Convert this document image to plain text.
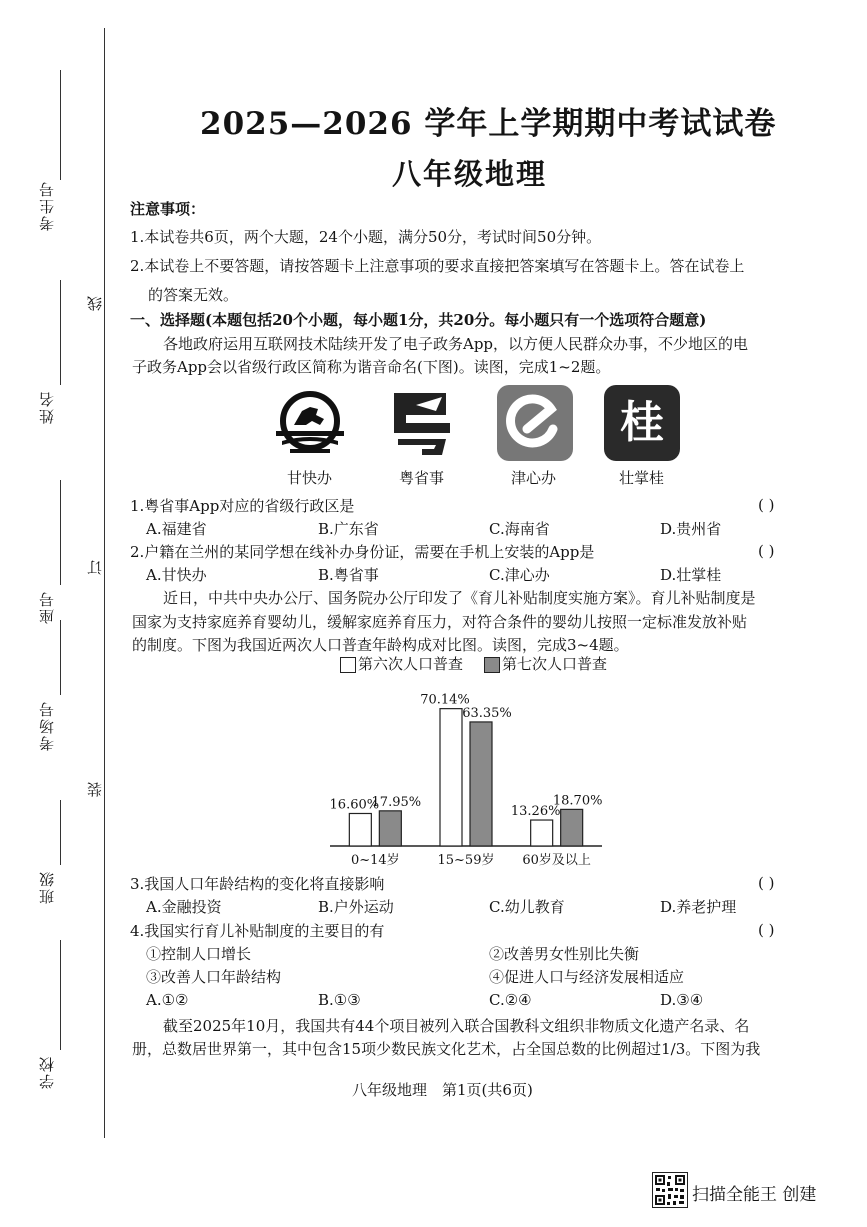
考生号
线
姓名
座号
订
考场号
装
班级
学校
2025—2026 学年上学期期中考试试卷
八年级地理
注意事项：
1.本试卷共6页，两个大题，24个小题，满分50分，考试时间50分钟。
2.本试卷上不要答题，请按答题卡上注意事项的要求直接把答案填写在答题卡上。答在试卷上
的答案无效。
一、选择题(本题包括20个小题，每小题1分，共20分。每小题只有一个选项符合题意)
各地政府运用互联网技术陆续开发了电子政务App，以方便人民群众办事，不少地区的电
子政务App会以省级行政区简称为谐音命名(下图)。读图，完成1~2题。
桂
甘快办	粤省事	津心办	壮掌桂
1.粤省事App对应的省级行政区是	( )
A.福建省	B.广东省	C.海南省	D.贵州省
2.户籍在兰州的某同学想在线补办身份证，需要在手机上安装的App是	( )
A.甘快办	B.粤省事	C.津心办	D.壮掌桂
近日，中共中央办公厅、国务院办公厅印发了《育儿补贴制度实施方案》。育儿补贴制度是
国家为支持家庭养育婴幼儿，缓解家庭养育压力，对符合条件的婴幼儿按照一定标准发放补贴
的制度。下图为我国近两次人口普查年龄构成对比图。读图，完成3~4题。
第六次人口普查	第七次人口普查
16.60%
17.95%
0~14岁
70.14%
63.35%
15~59岁
13.26%
18.70%
60岁及以上
3.我国人口年龄结构的变化将直接影响	( )
A.金融投资	B.户外运动	C.幼儿教育	D.养老护理
4.我国实行育儿补贴制度的主要目的有	( )
①控制人口增长	②改善男女性别比失衡
③改善人口年龄结构	④促进人口与经济发展相适应
A.①②	B.①③	C.②④	D.③④
截至2025年10月，我国共有44个项目被列入联合国教科文组织非物质文化遗产名录、名
册，总数居世界第一，其中包含15项少数民族文化艺术，占全国总数的比例超过1/3。下图为我
八年级地理　第1页(共6页)
扫描全能王 创建
